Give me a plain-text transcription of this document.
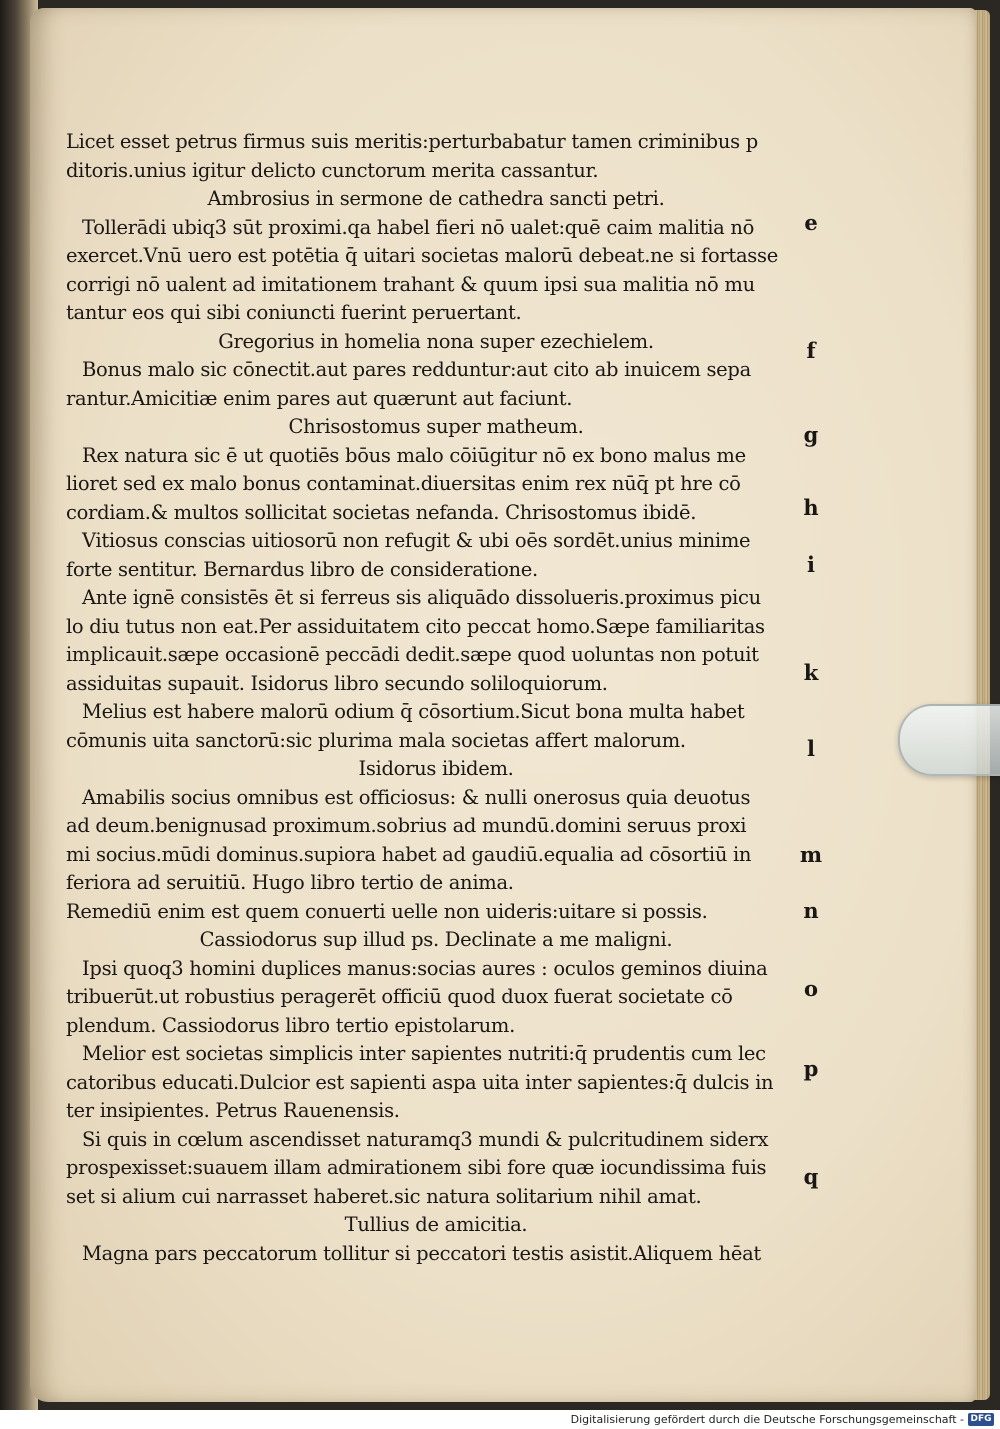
Licet esset petrus firmus suis meritis:perturbabatur tamen criminibus p
ditoris.unius igitur delicto cunctorum merita cassantur.
Ambrosius in sermone de cathedra sancti petri.
Tollerādi ubiq3 sūt proximi.qa habel fieri nō ualet:quē caim malitia nō
exercet.Vnū uero est potētia q̄ uitari societas malorū debeat.ne si fortasse
corrigi nō ualent ad imitationem trahant & quum ipsi sua malitia nō mu
tantur eos qui sibi coniuncti fuerint peruertant.
Gregorius in homelia nona super ezechielem.
Bonus malo sic cōnectit.aut pares redduntur:aut cito ab inuicem sepa
rantur.Amicitiæ enim pares aut quærunt aut faciunt.
Chrisostomus super matheum.
Rex natura sic ē ut quotiēs bōus malo cōiūgitur nō ex bono malus me
lioret sed ex malo bonus contaminat.diuersitas enim rex nūq̄ pt hre cō
cordiam.& multos sollicitat societas nefanda. Chrisostomus ibidē.
Vitiosus conscias uitiosorū non refugit & ubi oēs sordēt.unius minime
forte sentitur. Bernardus libro de consideratione.
Ante ignē consistēs ēt si ferreus sis aliquādo dissolueris.proximus picu
lo diu tutus non eat.Per assiduitatem cito peccat homo.Sæpe familiaritas
implicauit.sæpe occasionē peccādi dedit.sæpe quod uoluntas non potuit
assiduitas supauit. Isidorus libro secundo soliloquiorum.
Melius est habere malorū odium q̄ cōsortium.Sicut bona multa habet
cōmunis uita sanctorū:sic plurima mala societas affert malorum.
Isidorus ibidem.
Amabilis socius omnibus est officiosus: & nulli onerosus quia deuotus
ad deum.benignusad proximum.sobrius ad mundū.domini seruus proxi
mi socius.mūdi dominus.supiora habet ad gaudiū.equalia ad cōsortiū in
feriora ad seruitiū. Hugo libro tertio de anima.
Remediū enim est quem conuerti uelle non uideris:uitare si possis.
Cassiodorus sup illud ps. Declinate a me maligni.
Ipsi quoq3 homini duplices manus:socias aures : oculos geminos diuina
tribuerūt.ut robustius peragerēt officiū quod duox fuerat societate cō
plendum. Cassiodorus libro tertio epistolarum.
Melior est societas simplicis inter sapientes nutriti:q̄ prudentis cum lec
catoribus educati.Dulcior est sapienti aspa uita inter sapientes:q̄ dulcis in
ter insipientes. Petrus Rauenensis.
Si quis in cœlum ascendisset naturamq3 mundi & pulcritudinem siderx
prospexisset:suauem illam admirationem sibi fore quæ iocundissima fuis
set si alium cui narrasset haberet.sic natura solitarium nihil amat.
Tullius de amicitia.
Magna pars peccatorum tollitur si peccatori testis asistit.Aliquem hēat
e
f
g
h
i
k
l
m
n
o
p
q
Digitalisierung gefördert durch die Deutsche Forschungsgemeinschaft - DFG
